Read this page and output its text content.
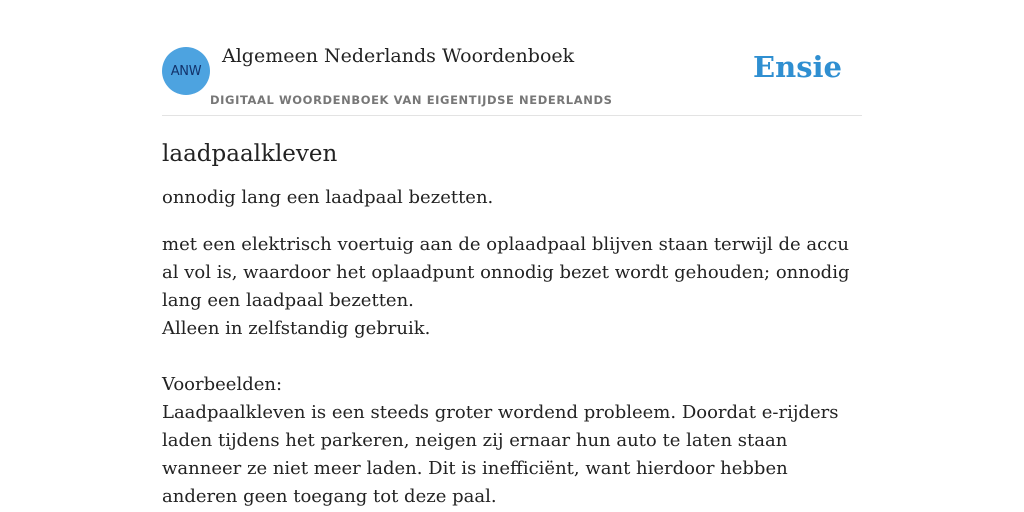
ANW
Algemeen Nederlands Woordenboek
DIGITAAL WOORDENBOEK VAN EIGENTIJDSE NEDERLANDS
Ensie
laadpaalkleven

onnodig lang een laadpaal bezetten.

met een elektrisch voertuig aan de oplaadpaal blijven staan terwijl de accu al vol is, waardoor het oplaadpunt onnodig bezet wordt gehouden; onnodig lang een laadpaal bezetten.
Alleen in zelfstandig gebruik.
Voorbeelden:
Laadpaalkleven is een steeds groter wordend probleem. Doordat e-rijders laden tijdens het parkeren, neigen zij ernaar hun auto te laten staan wanneer ze niet meer laden. Dit is inefficiënt, want hierdoor hebben anderen geen toegang tot deze paal.
